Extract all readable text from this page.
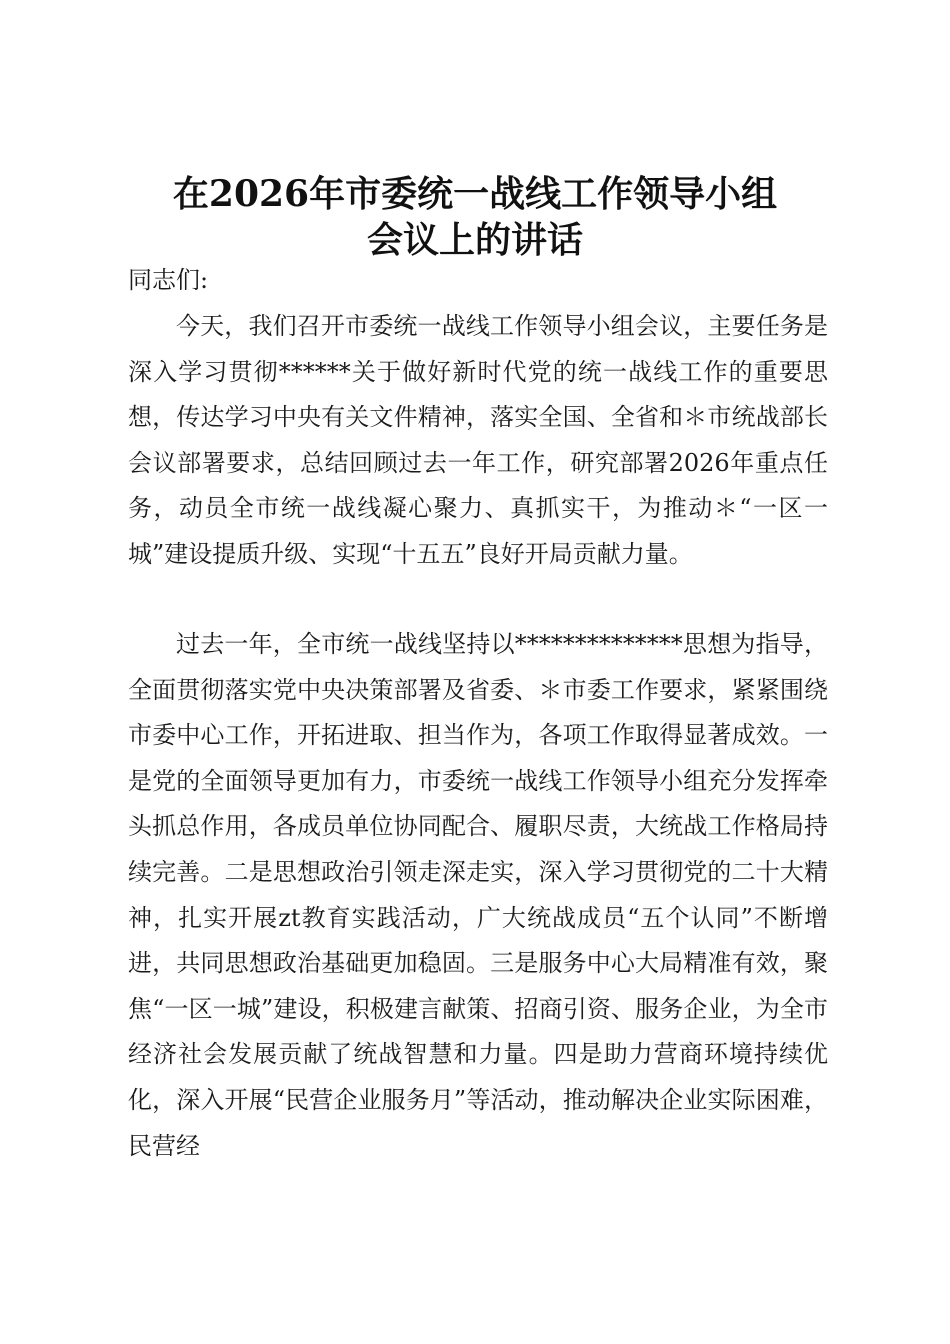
在2026年市委统一战线工作领导小组
会议上的讲话

同志们:

今天，我们召开市委统一战线工作领导小组会议，主要任务是深入学习贯彻******关于做好新时代党的统一战线工作的重要思想，传达学习中央有关文件精神，落实全国、全省和＊市统战部长会议部署要求，总结回顾过去一年工作，研究部署2026年重点任务，动员全市统一战线凝心聚力、真抓实干，为推动＊“一区一城”建设提质升级、实现“十五五”良好开局贡献力量。

过去一年，全市统一战线坚持以**************思想为指导，全面贯彻落实党中央决策部署及省委、＊市委工作要求，紧紧围绕市委中心工作，开拓进取、担当作为，各项工作取得显著成效。一是党的全面领导更加有力，市委统一战线工作领导小组充分发挥牵头抓总作用，各成员单位协同配合、履职尽责，大统战工作格局持续完善。二是思想政治引领走深走实，深入学习贯彻党的二十大精神，扎实开展zt教育实践活动，广大统战成员“五个认同”不断增进，共同思想政治基础更加稳固。三是服务中心大局精准有效，聚焦“一区一城”建设，积极建言献策、招商引资、服务企业，为全市经济社会发展贡献了统战智慧和力量。四是助力营商环境持续优化，深入开展“民营企业服务月”等活动，推动解决企业实际困难，民营经
